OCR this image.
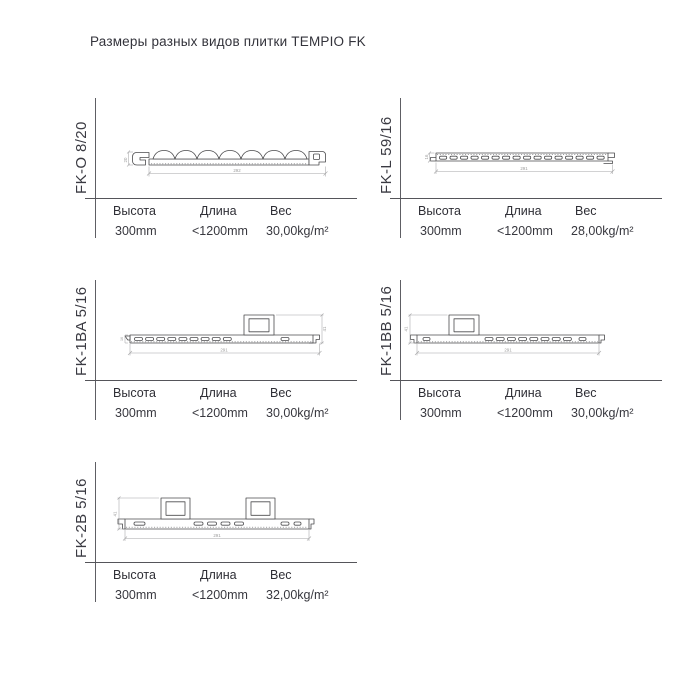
Размеры разных видов плитки TEMPIO FK
FK-O 8/20	20
292
Высота	Длина	Вес
300mm	<1200mm 30,00kg/m²
FK-L 59/16	16
291
Высота	Длина	Вес
300mm	<1200mm 28,00kg/m²
FK-1BA 5/16	16
41
291
Высота	Длина	Вес
300mm	<1200mm 30,00kg/m²
FK-1BB 5/16 41
291
Высота	Длина	Вес
300mm	<1200mm 30,00kg/m²
FK-2B 5/16	41
291
Высота	Длина	Вес
300mm	<1200mm 32,00kg/m²
